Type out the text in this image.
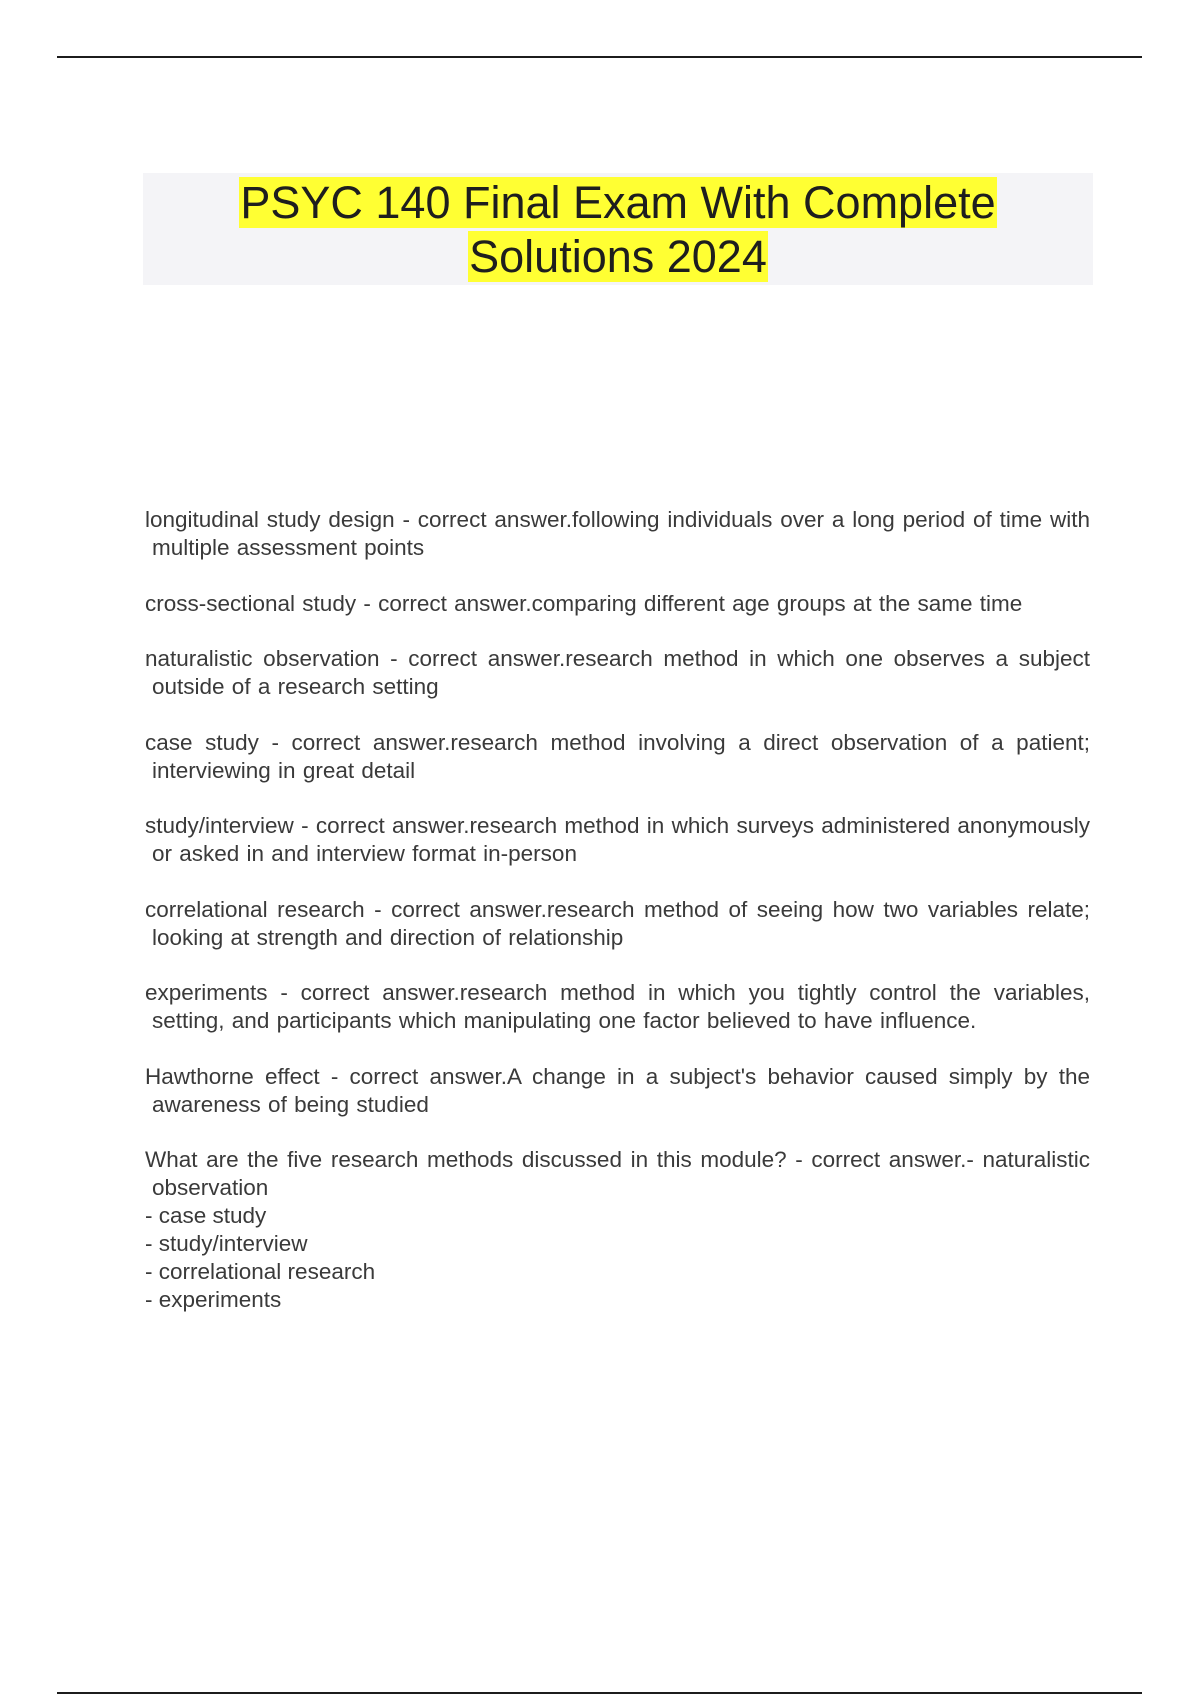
PSYC 140 Final Exam With Complete
Solutions 2024

longitudinal study design - correct answer.following individuals over a long period of time with multiple assessment points

cross-sectional study - correct answer.comparing different age groups at the same time

naturalistic observation - correct answer.research method in which one observes a subject outside of a research setting

case study - correct answer.research method involving a direct observation of a patient; interviewing in great detail

study/interview - correct answer.research method in which surveys administered anonymously or asked in and interview format in-person

correlational research - correct answer.research method of seeing how two variables relate; looking at strength and direction of relationship

experiments - correct answer.research method in which you tightly control the variables, setting, and participants which manipulating one factor believed to have influence.

Hawthorne effect - correct answer.A change in a subject's behavior caused simply by the awareness of being studied

What are the five research methods discussed in this module? - correct answer.- naturalistic observation

- case study
- study/interview
- correlational research
- experiments
